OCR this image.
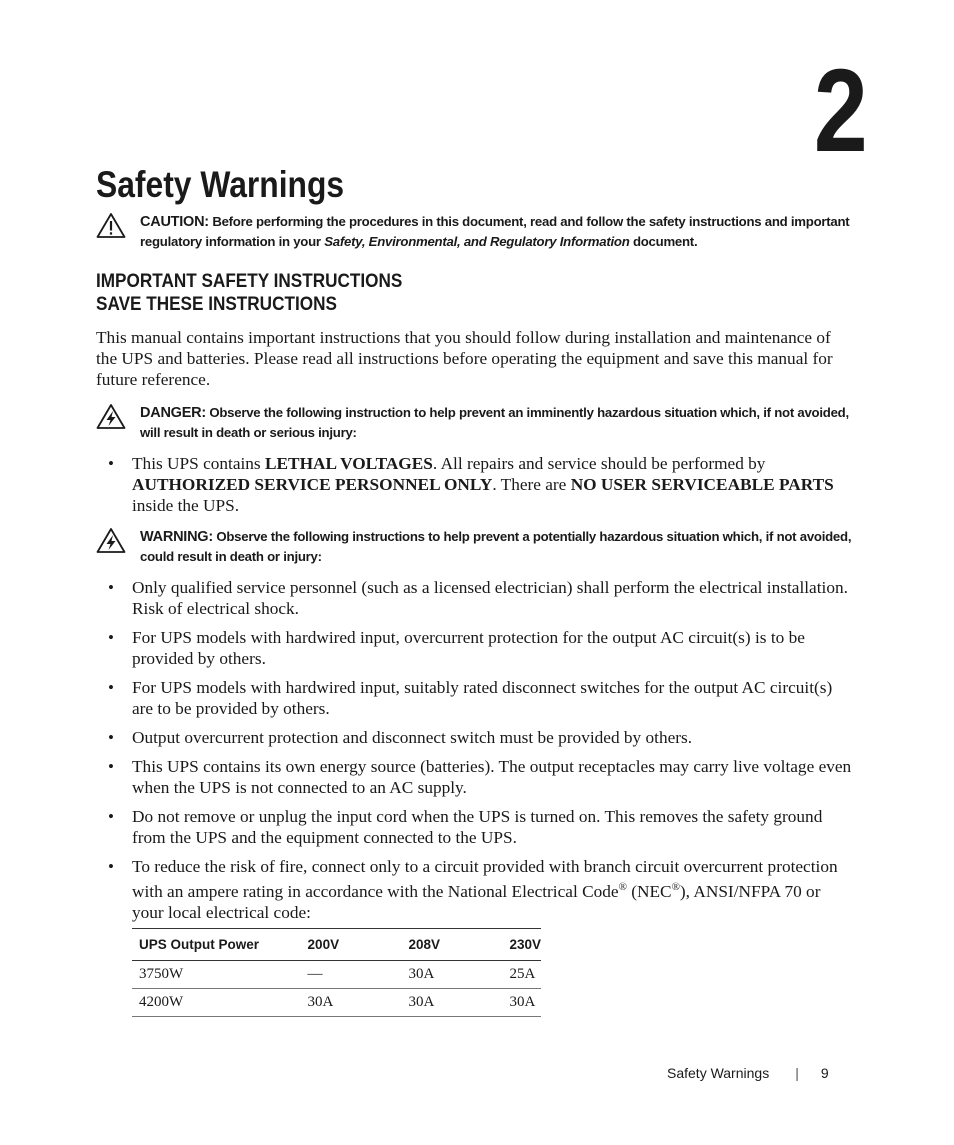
2
Safety Warnings
CAUTION: Before performing the procedures in this document, read and follow the safety instructions and important regulatory information in your Safety, Environmental, and Regulatory Information document.
IMPORTANT SAFETY INSTRUCTIONS
SAVE THESE INSTRUCTIONS

This manual contains important instructions that you should follow during installation and maintenance of the UPS and batteries. Please read all instructions before operating the equipment and save this manual for future reference.

DANGER: Observe the following instruction to help prevent an imminently hazardous situation which, if not avoided, will result in death or serious injury:
• This UPS contains LETHAL VOLTAGES. All repairs and service should be performed by AUTHORIZED SERVICE PERSONNEL ONLY. There are NO USER SERVICEABLE PARTS inside the UPS.
WARNING: Observe the following instructions to help prevent a potentially hazardous situation which, if not avoided, could result in death or injury:
• Only qualified service personnel (such as a licensed electrician) shall perform the electrical installation. Risk of electrical shock.
• For UPS models with hardwired input, overcurrent protection for the output AC circuit(s) is to be provided by others.
• For UPS models with hardwired input, suitably rated disconnect switches for the output AC circuit(s) are to be provided by others.
• Output overcurrent protection and disconnect switch must be provided by others.
• This UPS contains its own energy source (batteries). The output receptacles may carry live voltage even when the UPS is not connected to an AC supply.
• Do not remove or unplug the input cord when the UPS is turned on. This removes the safety ground from the UPS and the equipment connected to the UPS.
• To reduce the risk of fire, connect only to a circuit provided with branch circuit overcurrent protection with an ampere rating in accordance with the National Electrical Code® (NEC®), ANSI/NFPA 70 or your local electrical code:
UPS Output Power	200V	208V	230V
3750W	—	30A	25A
4200W	30A	30A	30A
Safety Warnings | 9
